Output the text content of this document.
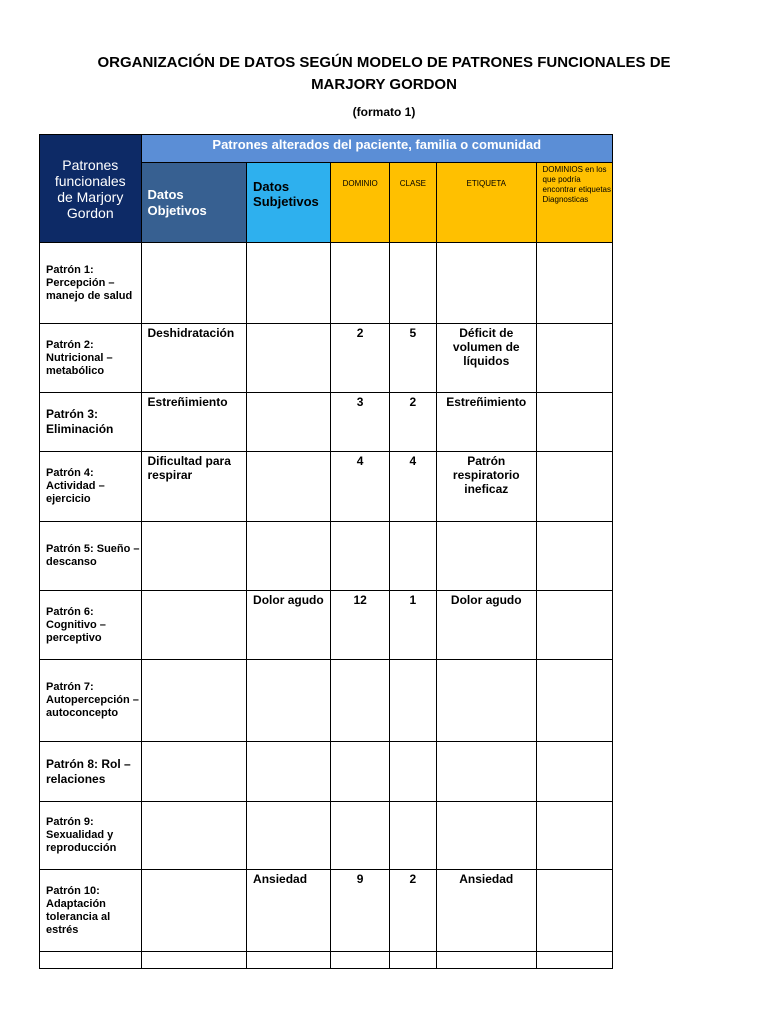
ORGANIZACIÓN DE DATOS SEGÚN MODELO DE PATRONES FUNCIONALES DE MARJORY GORDON
(formato 1)
Patrones funcionales de Marjory Gordon	Patrones alterados del paciente, familia o comunidad					
	Datos Objetivos	Datos Subjetivos	DOMINIO	CLASE	ETIQUETA	DOMINIOS en los que podría encontrar etiquetas Diagnosticas
Patrón 1: Percepción – manejo de salud						
Patrón 2: Nutricional – metabólico	Deshidratación		2	5	Déficit de volumen de líquidos	
Patrón 3: Eliminación	Estreñimiento		3	2	Estreñimiento	
Patrón 4: Actividad – ejercicio	Dificultad para respirar		4	4	Patrón respiratorio ineficaz	
Patrón 5: Sueño – descanso						
Patrón 6: Cognitivo – perceptivo		Dolor agudo	12	1	Dolor agudo	
Patrón 7: Autopercepción – autoconcepto						
Patrón 8: Rol – relaciones						
Patrón 9: Sexualidad y reproducción						
Patrón 10: Adaptación tolerancia al estrés		Ansiedad	9	2	Ansiedad	
